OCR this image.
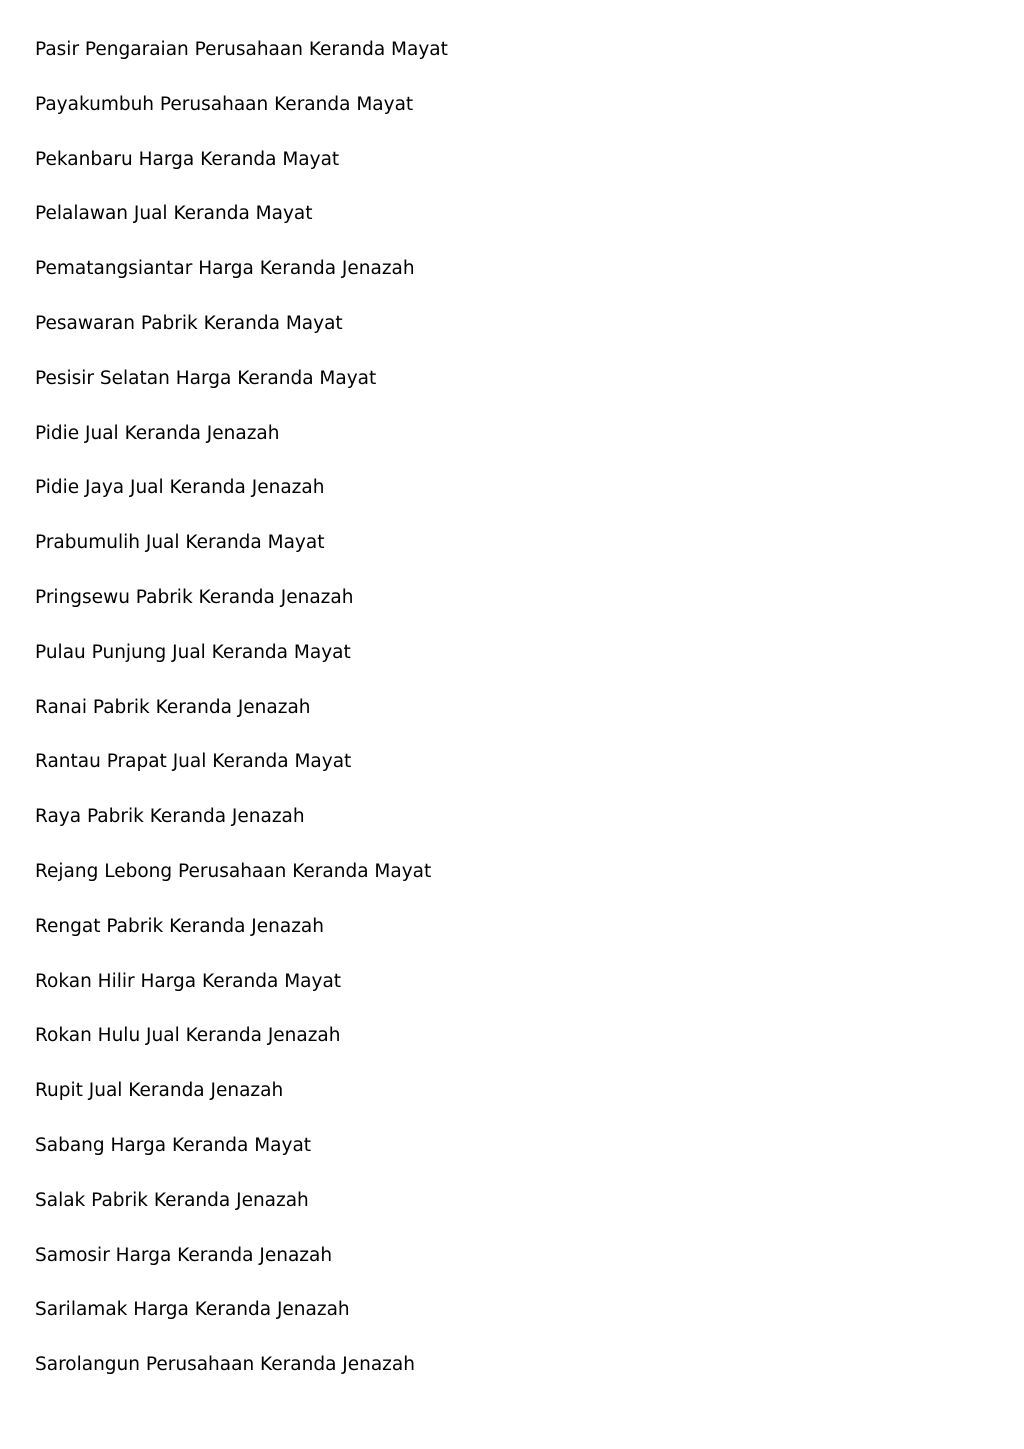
Pasir Pengaraian Perusahaan Keranda Mayat
Payakumbuh Perusahaan Keranda Mayat
Pekanbaru Harga Keranda Mayat
Pelalawan Jual Keranda Mayat
Pematangsiantar Harga Keranda Jenazah
Pesawaran Pabrik Keranda Mayat
Pesisir Selatan Harga Keranda Mayat
Pidie Jual Keranda Jenazah
Pidie Jaya Jual Keranda Jenazah
Prabumulih Jual Keranda Mayat
Pringsewu Pabrik Keranda Jenazah
Pulau Punjung Jual Keranda Mayat
Ranai Pabrik Keranda Jenazah
Rantau Prapat Jual Keranda Mayat
Raya Pabrik Keranda Jenazah
Rejang Lebong Perusahaan Keranda Mayat
Rengat Pabrik Keranda Jenazah
Rokan Hilir Harga Keranda Mayat
Rokan Hulu Jual Keranda Jenazah
Rupit Jual Keranda Jenazah
Sabang Harga Keranda Mayat
Salak Pabrik Keranda Jenazah
Samosir Harga Keranda Jenazah
Sarilamak Harga Keranda Jenazah
Sarolangun Perusahaan Keranda Jenazah
